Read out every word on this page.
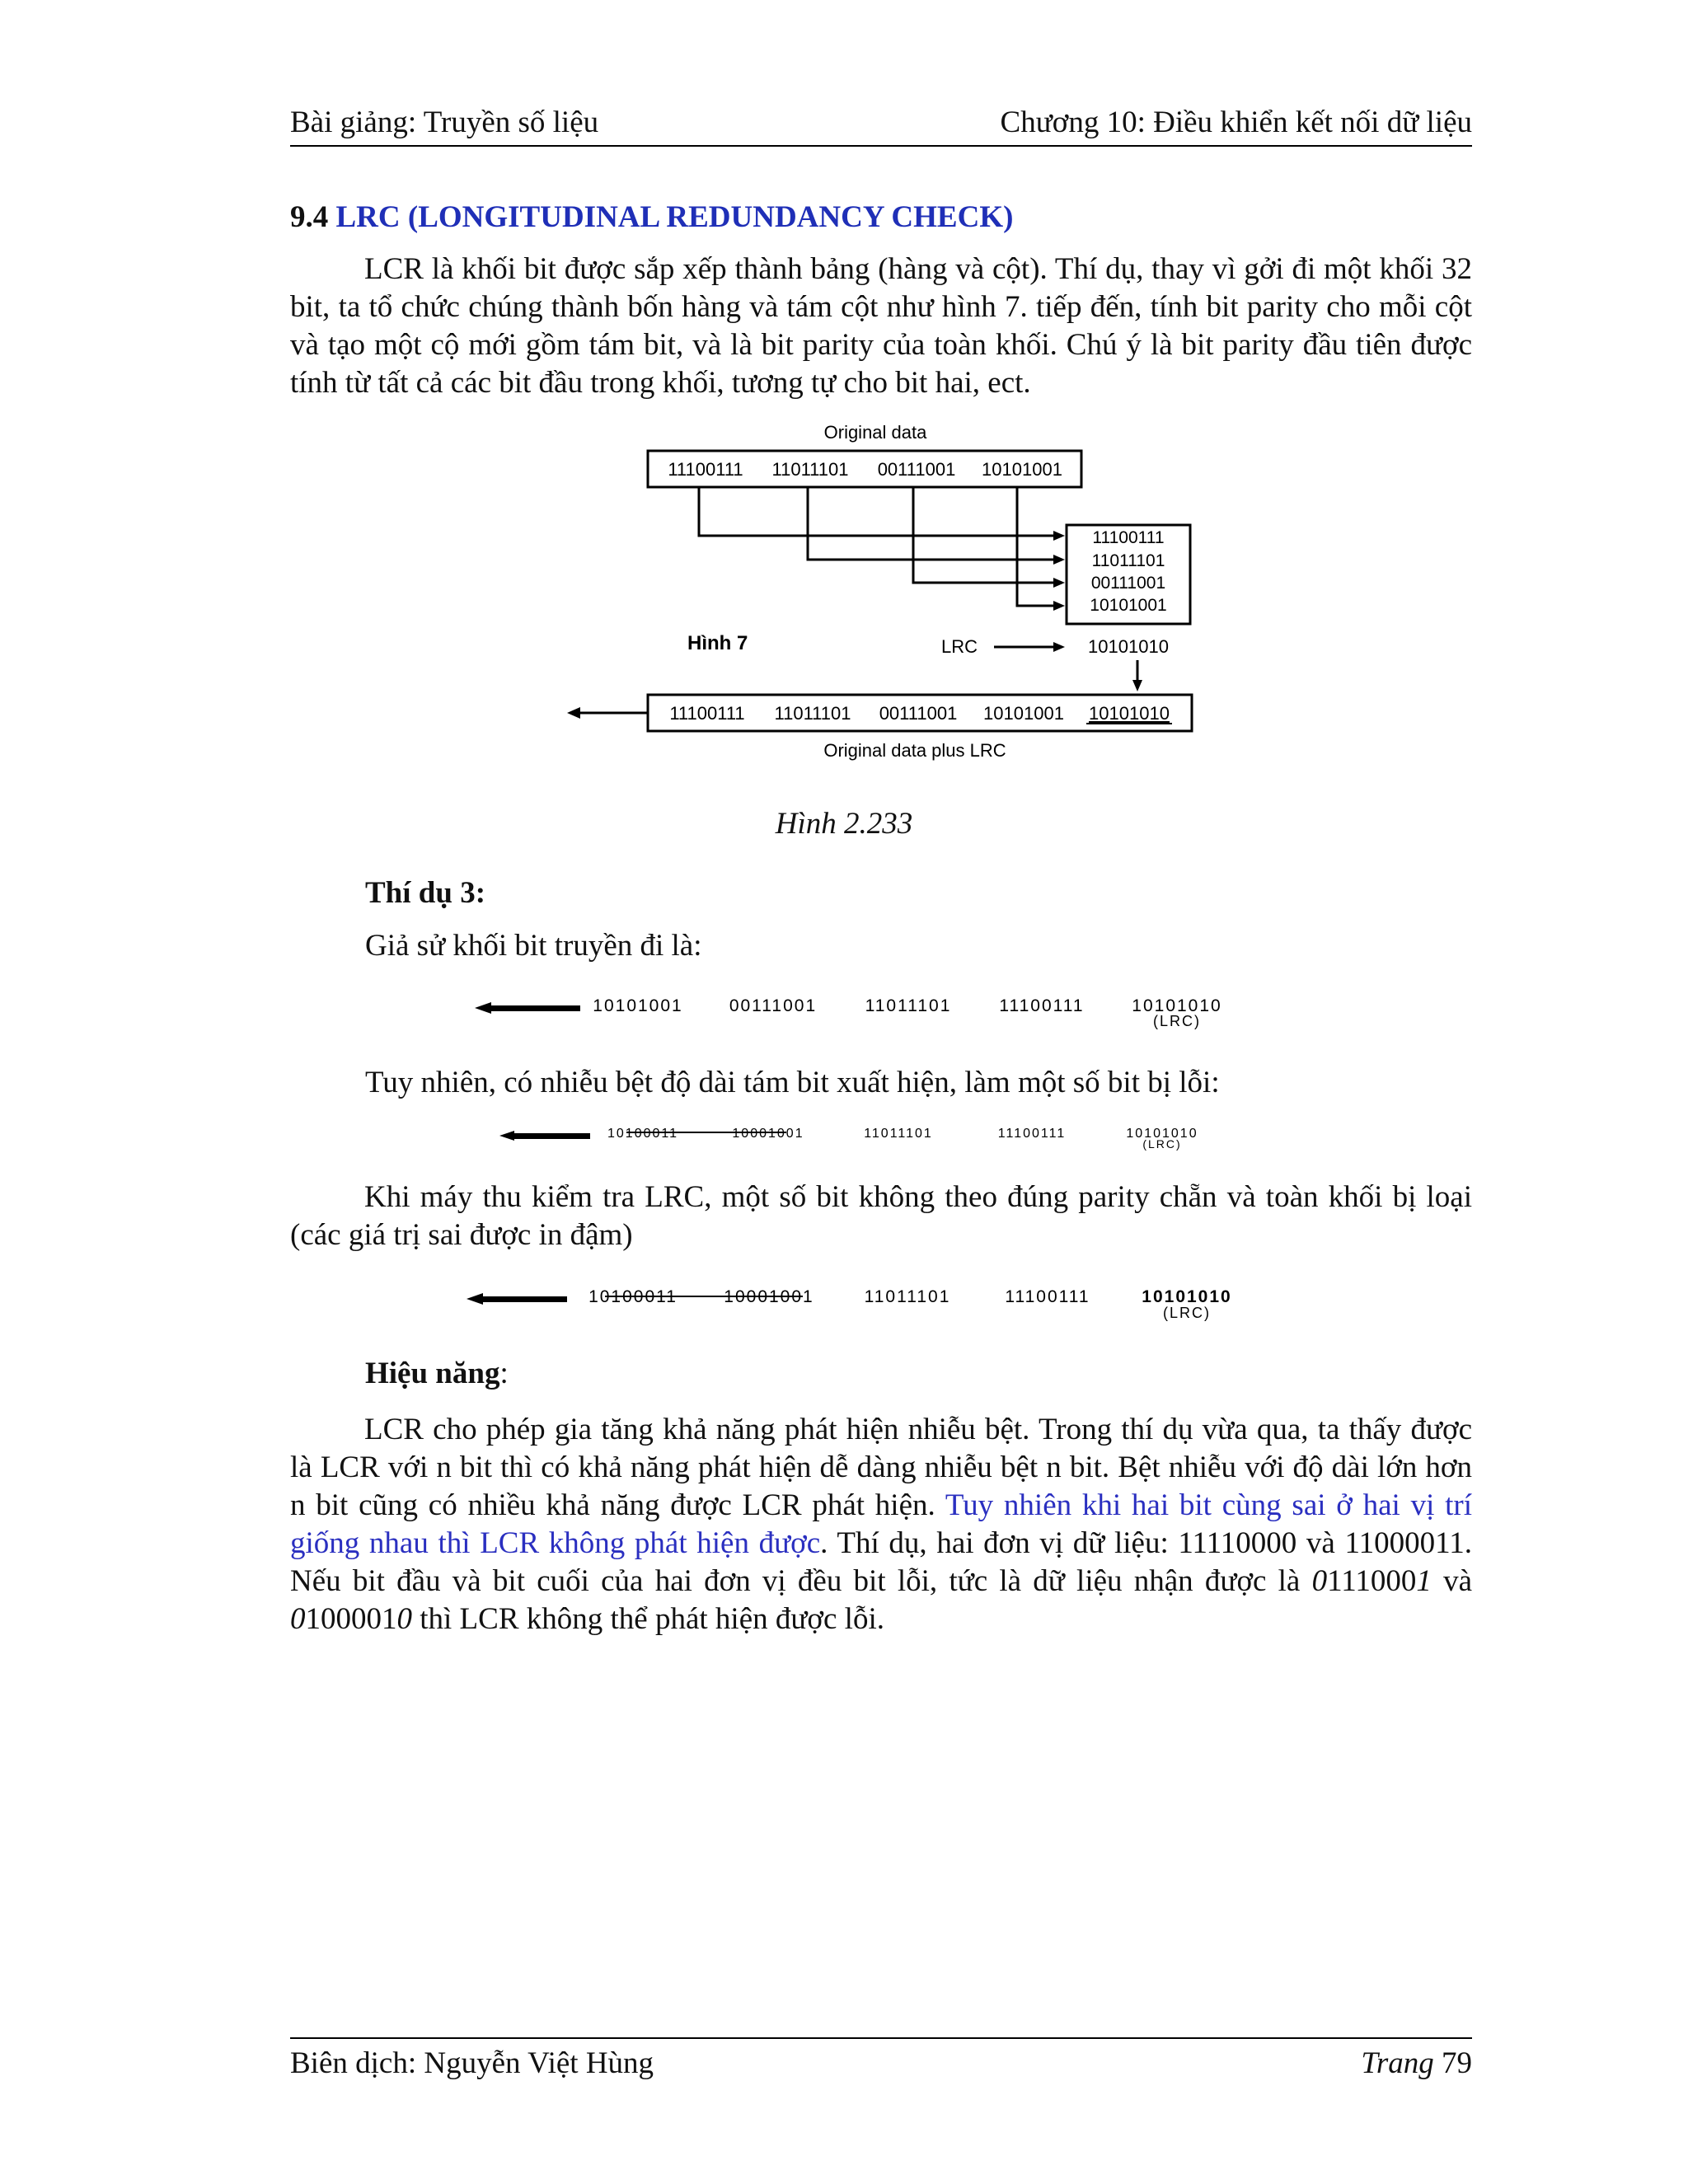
Bài giảng: Truyền số liệu	Chương 10: Điều khiển kết nối dữ liệu
9.4 LRC (LONGITUDINAL REDUNDANCY CHECK)
LCR là khối bit được sắp xếp thành bảng (hàng và cột). Thí dụ, thay vì gởi đi một khối 32 bit, ta tổ chức chúng thành bốn hàng và tám cột như hình 7. tiếp đến, tính bit parity cho mỗi cột và tạo một cộ mới gồm tám bit, và là bit parity của toàn khối. Chú ý là bit parity đầu tiên được tính từ tất cả các bit đầu trong khối, tương tự cho bit hai, ect.
Original data
11100111 11011101 00111001 10101001
11100111
11011101
00111001
10101001
Hình 7	LRC	10101010
11100111 11011101 00111001 10101001 10101010
Original data plus LRC
Hình 2.233
Thí dụ 3:
Giả sử khối bit truyền đi là:
10101001	00111001	11011101	11100111	10101010
(LRC)
Tuy nhiên, có nhiễu bệt độ dài tám bit xuất hiện, làm một số bit bị lỗi:
10100011	10001001	11011101	11100111	10101010
(LRC)
Khi máy thu kiểm tra LRC, một số bit không theo đúng parity chẵn và toàn khối bị loại (các giá trị sai được in đậm)
10100011	10001001	11011101	11100111	10101010
(LRC)
Hiệu năng:
LCR cho phép gia tăng khả năng phát hiện nhiễu bệt. Trong thí dụ vừa qua, ta thấy được là LCR với n bit thì có khả năng phát hiện dễ dàng nhiễu bệt n bit. Bệt nhiễu với độ dài lớn hơn n bit cũng có nhiều khả năng được LCR phát hiện. Tuy nhiên khi hai bit cùng sai ở hai vị trí giống nhau thì LCR không phát hiện được. Thí dụ, hai đơn vị dữ liệu: 11110000 và 11000011. Nếu bit đầu và bit cuối của hai đơn vị đều bit lỗi, tức là dữ liệu nhận được là 01110001 và 01000010 thì LCR không thể phát hiện được lỗi.
Biên dịch: Nguyễn Việt Hùng	Trang 79
